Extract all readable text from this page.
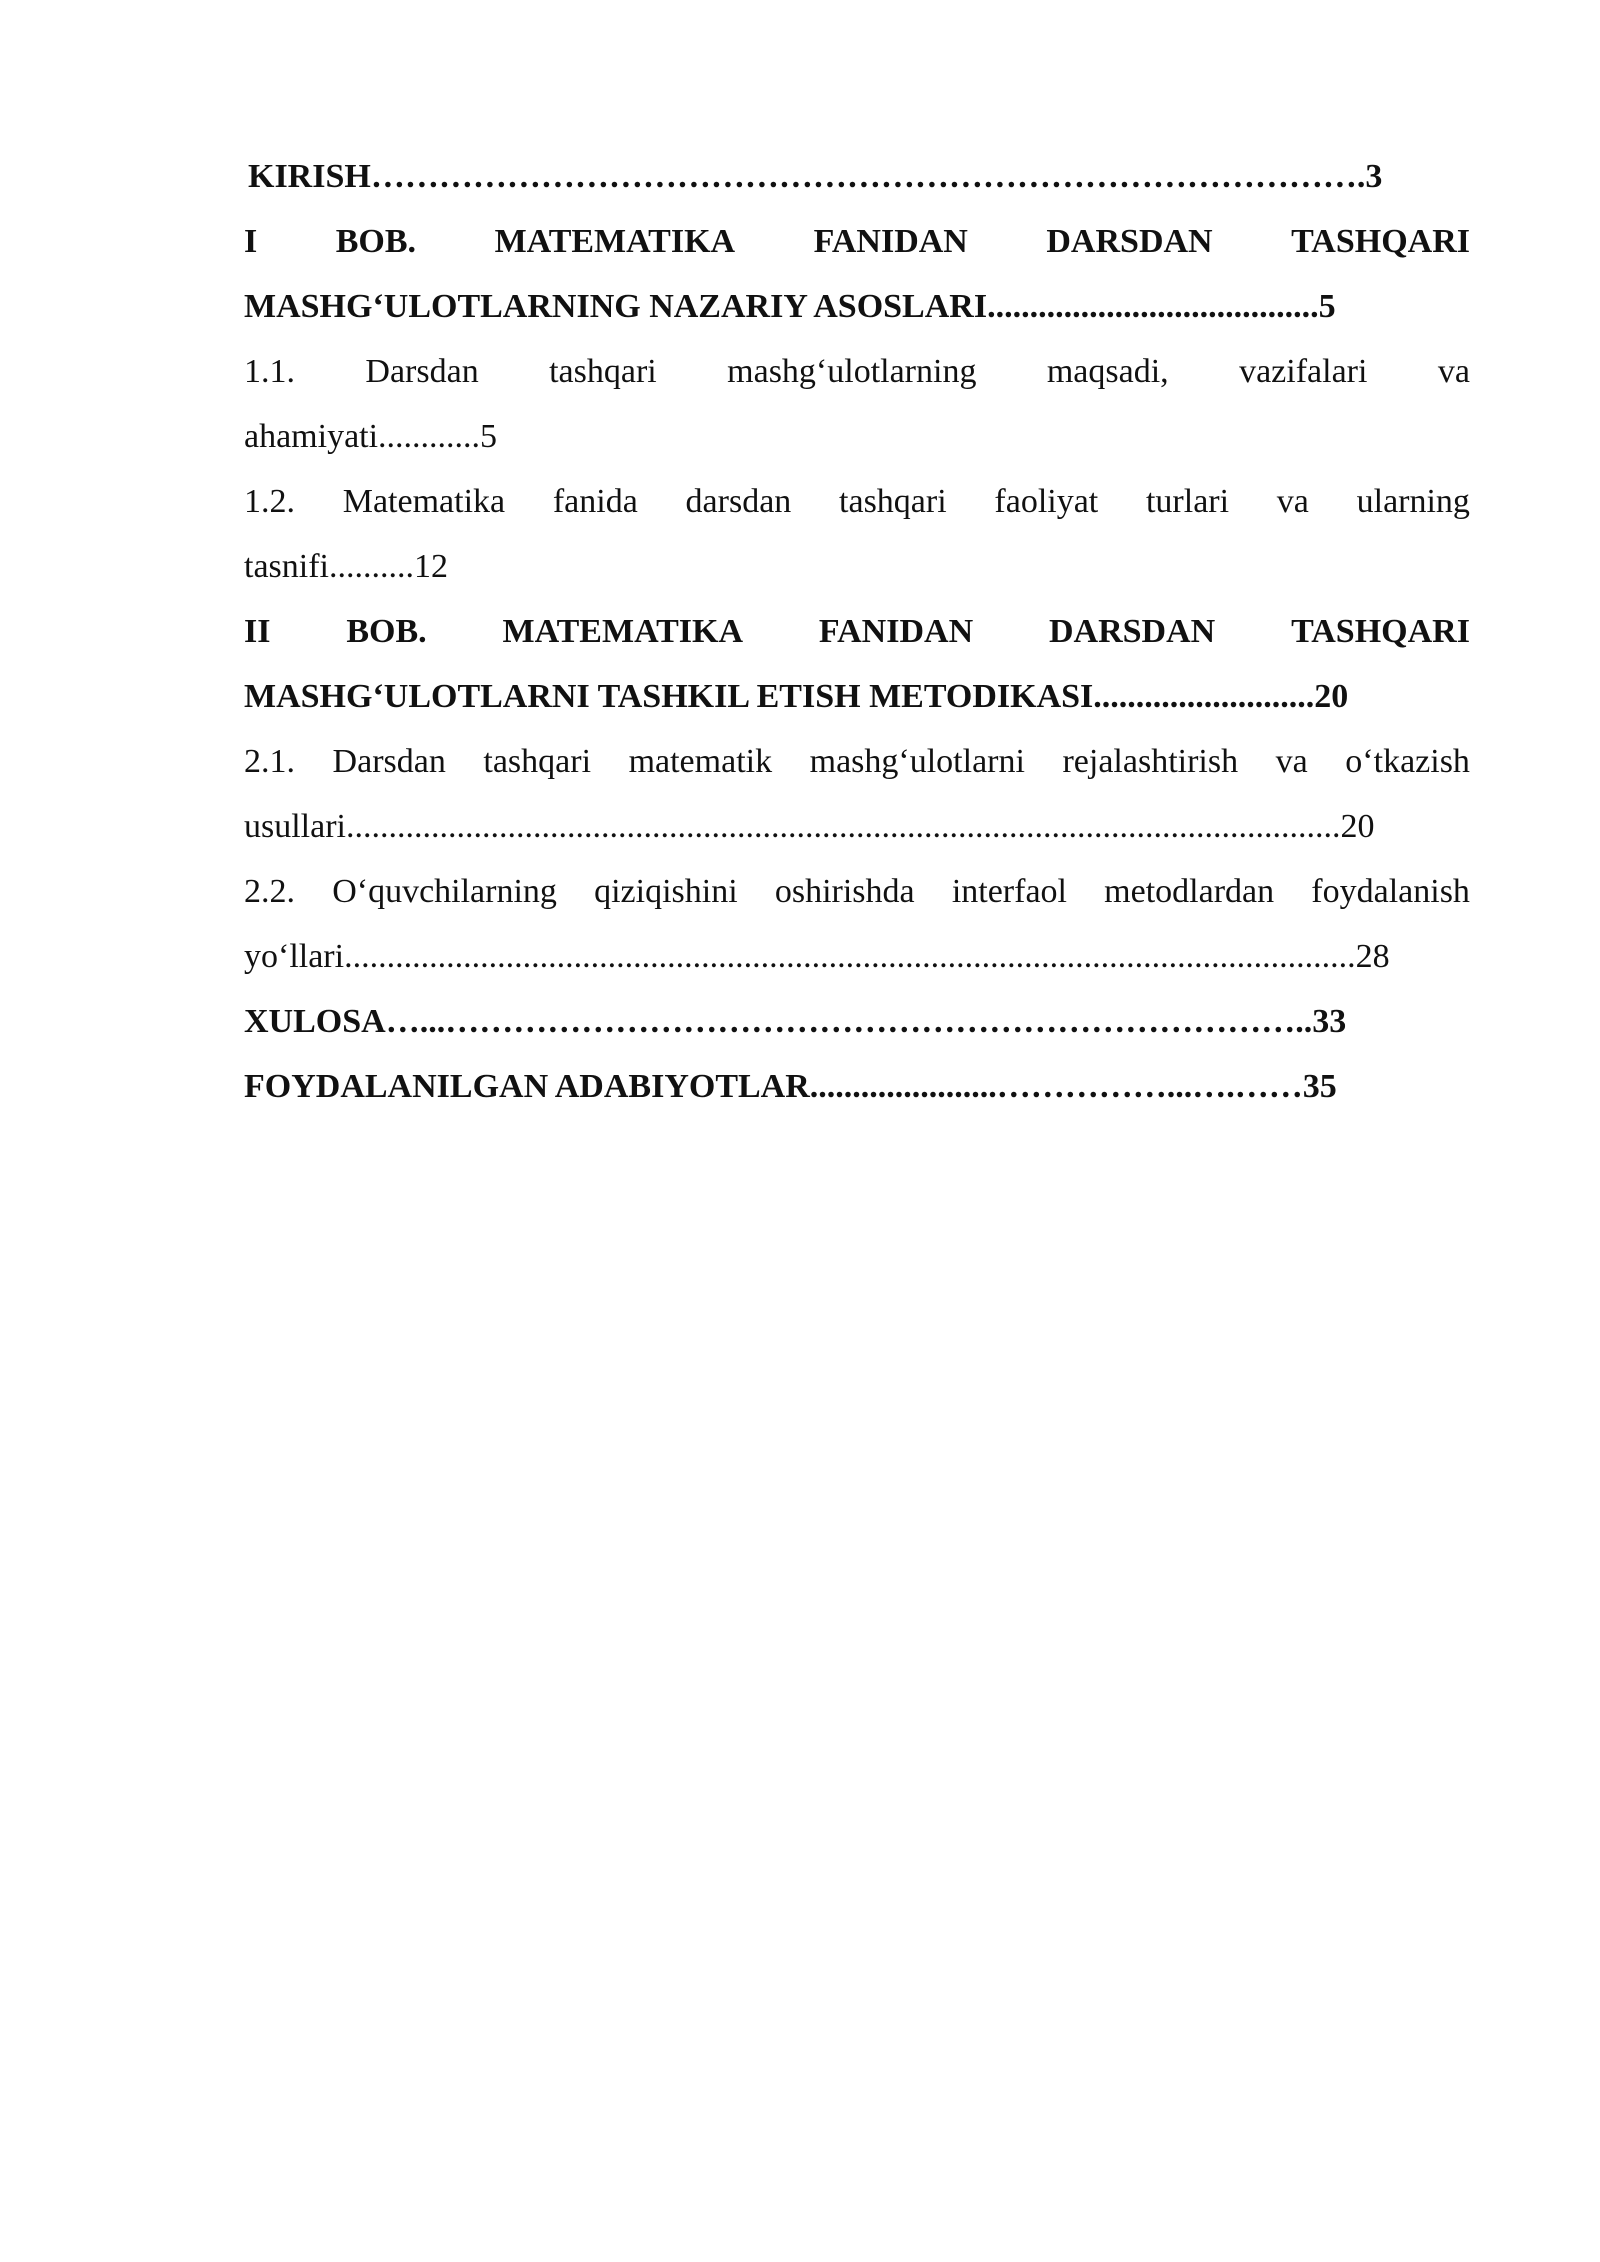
KIRISH…………………………………………………………………………….3
I BOB. MATEMATIKA FANIDAN DARSDAN TASHQARI
MASHG‘ULOTLARNING NAZARIY ASOSLARI.......................................5
1.1. Darsdan tashqari mashg‘ulotlarning maqsadi, vazifalari va
ahamiyati............5
1.2. Matematika fanida darsdan tashqari faoliyat turlari va ularning
tasnifi..........12
II BOB. MATEMATIKA FANIDAN DARSDAN TASHQARI
MASHG‘ULOTLARNI TASHKIL ETISH METODIKASI..........................20
2.1. Darsdan tashqari matematik mashg‘ulotlarni rejalashtirish va o‘tkazish
usullari.....................................................................................................................20
2.2. O‘quvchilarning qiziqishini oshirishda interfaol metodlardan foydalanish
yo‘llari.......................................................................................................................28
XULOSA…...…………………………………………………………………..33
FOYDALANILGAN ADABIYOTLAR......................……………...….……35
